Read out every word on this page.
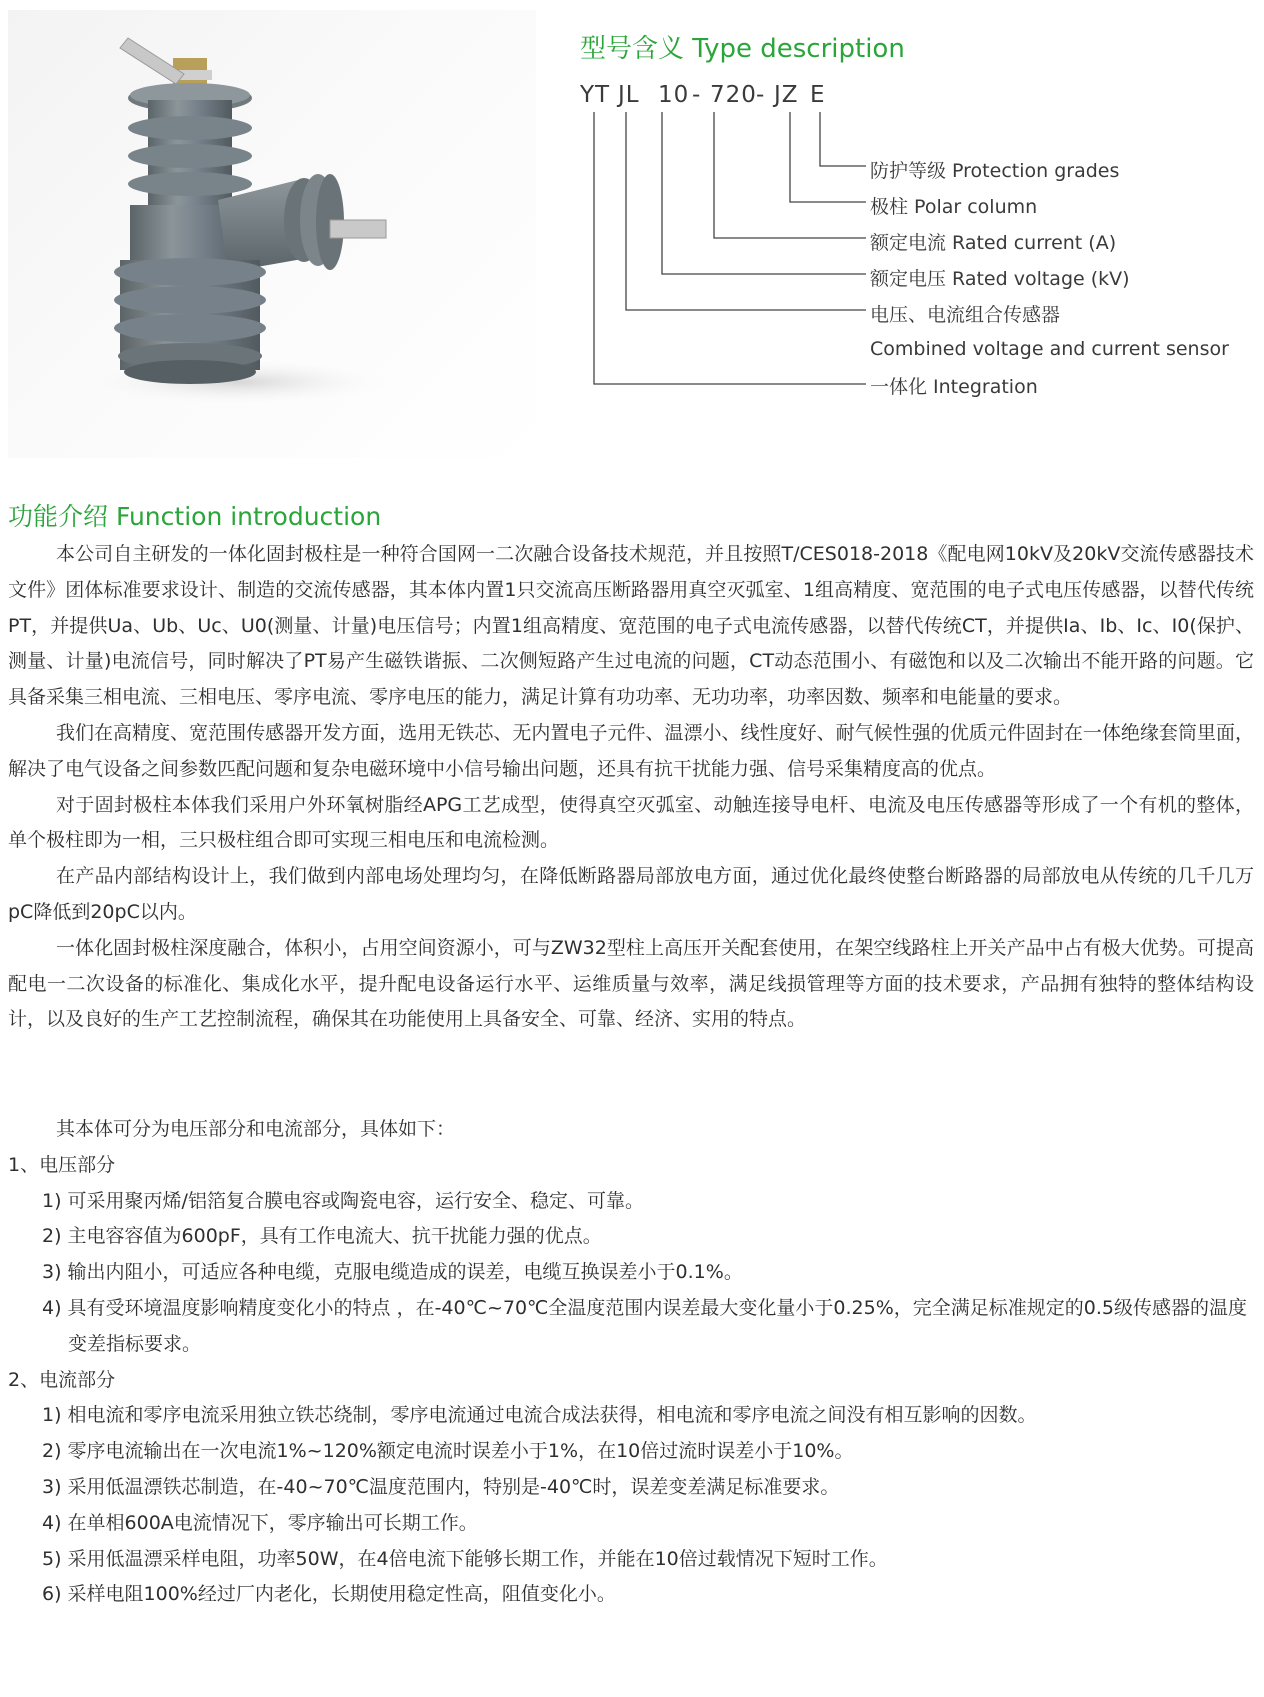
型号含义 Type description
YT JL 10 - 720 - JZ E
防护等级 Protection grades
极柱 Polar column
额定电流 Rated current (A)
额定电压 Rated voltage (kV)
电压、电流组合传感器
Combined voltage and current sensor
一体化 Integration
功能介绍 Function introduction

本公司自主研发的一体化固封极柱是一种符合国网一二次融合设备技术规范，并且按照T/CES018-2018《配电网10kV及20kV交流传感器技术文件》团体标准要求设计、制造的交流传感器，其本体内置1只交流高压断路器用真空灭弧室、1组高精度、宽范围的电子式电压传感器，以替代传统PT，并提供Ua、Ub、Uc、U0(测量、计量)电压信号；内置1组高精度、宽范围的电子式电流传感器，以替代传统CT，并提供Ia、Ib、Ic、I0(保护、测量、计量)电流信号，同时解决了PT易产生磁铁谐振、二次侧短路产生过电流的问题，CT动态范围小、有磁饱和以及二次输出不能开路的问题。它具备采集三相电流、三相电压、零序电流、零序电压的能力，满足计算有功功率、无功功率，功率因数、频率和电能量的要求。

我们在高精度、宽范围传感器开发方面，选用无铁芯、无内置电子元件、温漂小、线性度好、耐气候性强的优质元件固封在一体绝缘套筒里面，解决了电气设备之间参数匹配问题和复杂电磁环境中小信号输出问题，还具有抗干扰能力强、信号采集精度高的优点。

对于固封极柱本体我们采用户外环氧树脂经APG工艺成型，使得真空灭弧室、动触连接导电杆、电流及电压传感器等形成了一个有机的整体，单个极柱即为一相，三只极柱组合即可实现三相电压和电流检测。

在产品内部结构设计上，我们做到内部电场处理均匀，在降低断路器局部放电方面，通过优化最终使整台断路器的局部放电从传统的几千几万pC降低到20pC以内。

一体化固封极柱深度融合，体积小，占用空间资源小，可与ZW32型柱上高压开关配套使用，在架空线路柱上开关产品中占有极大优势。可提高配电一二次设备的标准化、集成化水平，提升配电设备运行水平、运维质量与效率，满足线损管理等方面的技术要求，产品拥有独特的整体结构设计，以及良好的生产工艺控制流程，确保其在功能使用上具备安全、可靠、经济、实用的特点。

其本体可分为电压部分和电流部分，具体如下：

1、电压部分

1) 可采用聚丙烯/铝箔复合膜电容或陶瓷电容，运行安全、稳定、可靠。

2) 主电容容值为600pF，具有工作电流大、抗干扰能力强的优点。

3) 输出内阻小，可适应各种电缆，克服电缆造成的误差，电缆互换误差小于0.1%。

4) 具有受环境温度影响精度变化小的特点 ，在-40℃~70℃全温度范围内误差最大变化量小于0.25%，完全满足标准规定的0.5级传感器的温度变差指标要求。

2、电流部分

1) 相电流和零序电流采用独立铁芯绕制，零序电流通过电流合成法获得，相电流和零序电流之间没有相互影响的因数。

2) 零序电流输出在一次电流1%~120%额定电流时误差小于1%，在10倍过流时误差小于10%。

3) 采用低温漂铁芯制造，在-40~70℃温度范围内，特别是-40℃时，误差变差满足标准要求。

4) 在单相600A电流情况下，零序输出可长期工作。

5) 采用低温漂采样电阻，功率50W，在4倍电流下能够长期工作，并能在10倍过载情况下短时工作。

6) 采样电阻100%经过厂内老化，长期使用稳定性高，阻值变化小。
